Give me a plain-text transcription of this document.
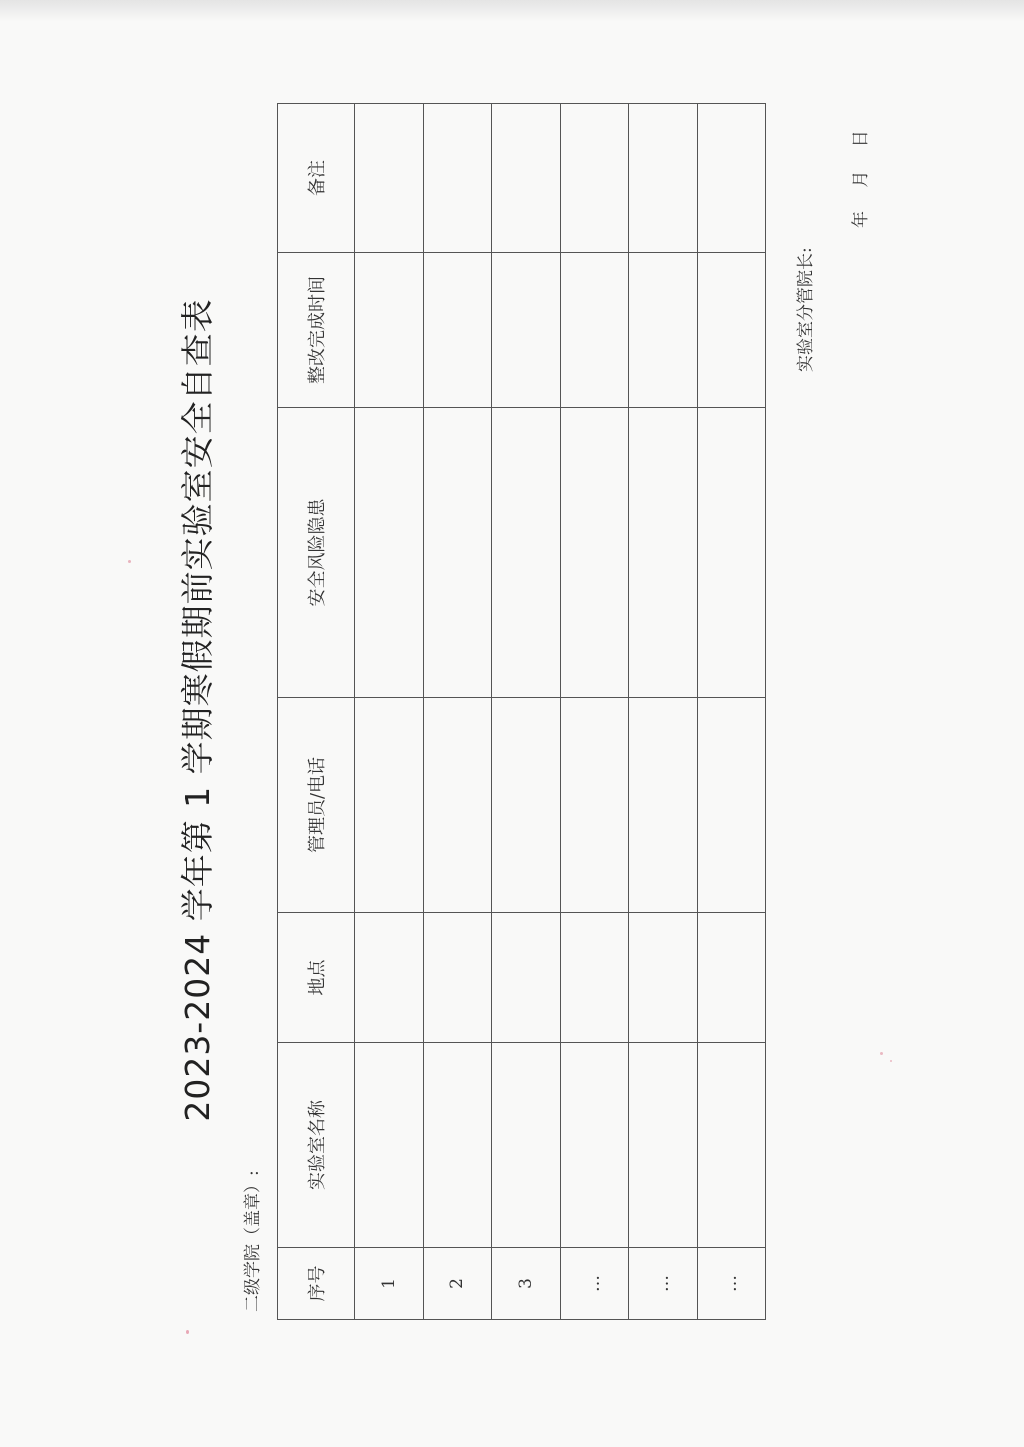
2023-2024 学年第 1 学期寒假期前实验室安全自查表
二级学院（盖章）: 序号	实验室名称	地点	管理员/电话	安全风险隐患	整改完成时间	备注
1						
2						
3						
…						
…						
…						
实验室分管院长:
年 月 日
